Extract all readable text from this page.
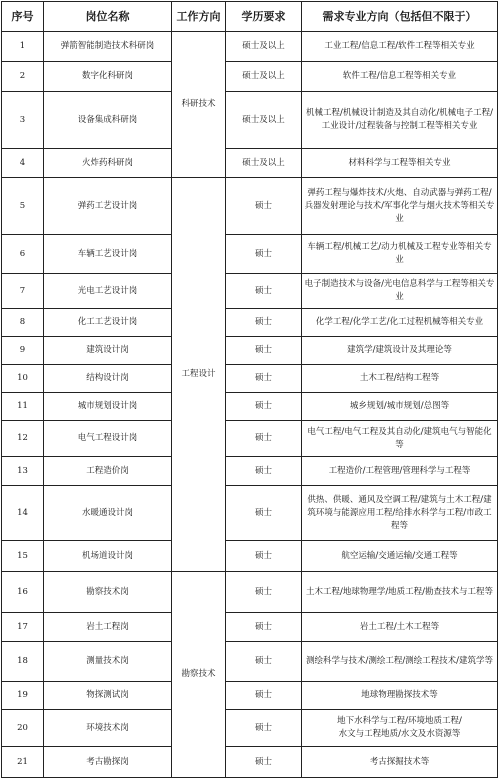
序号	岗位名称	工作方向	学历要求	需求专业方向（包括但不限于）
1	弹箭智能制造技术科研岗	科研技术	硕士及以上	工业工程/信息工程/软件工程等相关专业
2	数字化科研岗		硕士及以上	软件工程/信息工程等相关专业
3	设备集成科研岗		硕士及以上	机械工程/机械设计制造及其自动化/机械电子工程/
工业设计/过程装备与控制工程等相关专业
4	火炸药科研岗		硕士及以上	材料科学与工程等相关专业
5	弹药工艺设计岗	工程设计	硕士	弹药工程与爆炸技术/火炮、自动武器与弹药工程/兵器发射理论与技术/军事化学与烟火技术等相关专业
6	车辆工艺设计岗		硕士	车辆工程/机械工艺/动力机械及工程专业等相关专业
7	光电工艺设计岗		硕士	电子制造技术与设备/光电信息科学与工程等相关专业
8	化工工艺设计岗		硕士	化学工程/化学工艺/化工过程机械等相关专业
9	建筑设计岗		硕士	建筑学/建筑设计及其理论等
10	结构设计岗		硕士	土木工程/结构工程等
11	城市规划设计岗		硕士	城乡规划/城市规划/总图等
12	电气工程设计岗		硕士	电气工程/电气工程及其自动化/建筑电气与智能化等
13	工程造价岗		硕士	工程造价/工程管理/管理科学与工程等
14	水暖通设计岗		硕士	供热、供暖、通风及空调工程/建筑与土木工程/建筑环境与能源应用工程/给排水科学与工程/市政工程等
15	机场道设计岗		硕士	航空运输/交通运输/交通工程等
16	勘察技术岗	勘察技术	硕士	土木工程/地球物理学/地质工程/勘查技术与工程等
17	岩土工程岗		硕士	岩土工程/土木工程等
18	测量技术岗		硕士	测绘科学与技术/测绘工程/测绘工程技术/建筑学等
19	物探测试岗		硕士	地球物理勘探技术等
20	环境技术岗		硕士	地下水科学与工程/环境地质工程/
水文与工程地质/水文及水资源等
21	考古勘探岗		硕士	考古探掘技术等
